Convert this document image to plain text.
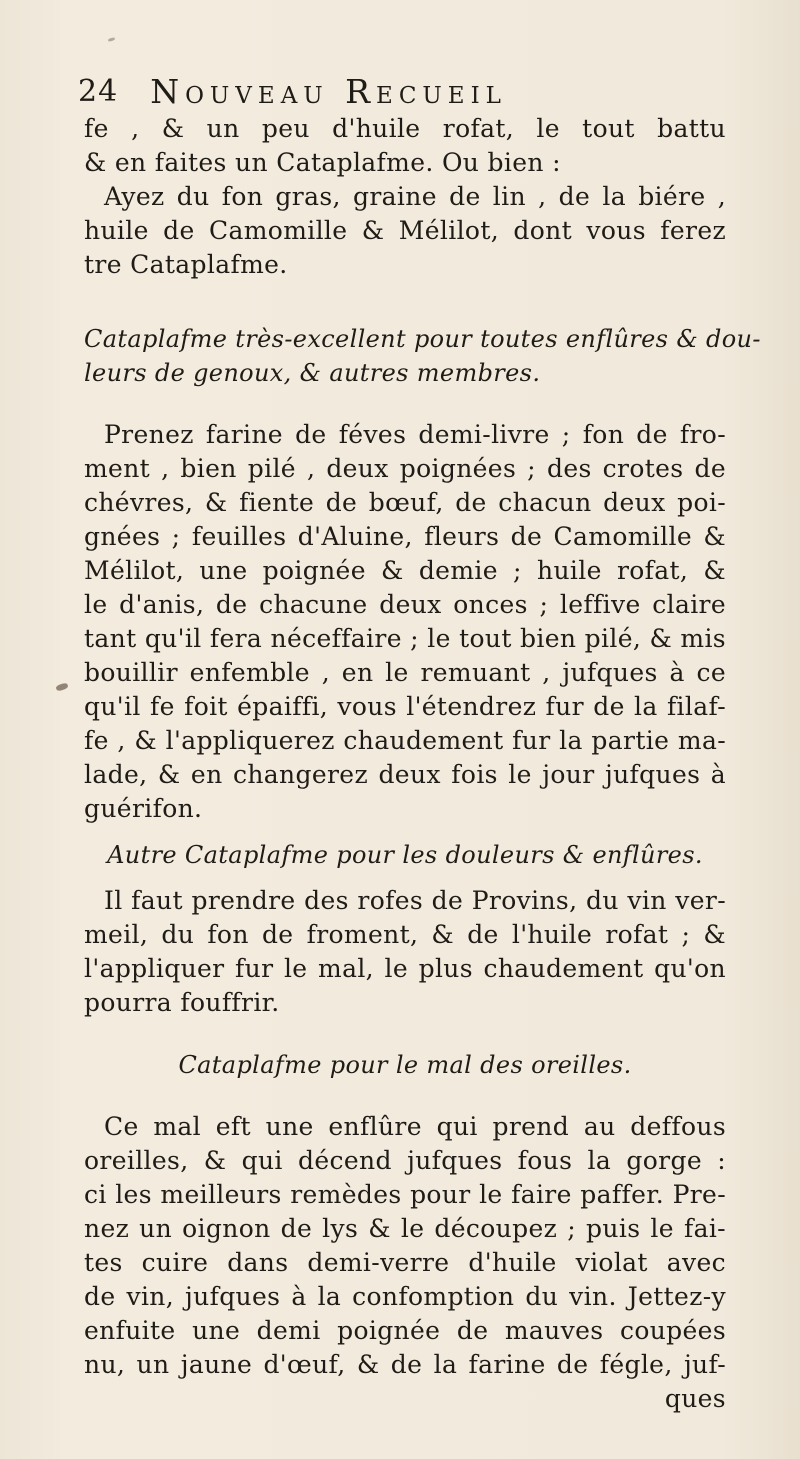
24 Nouveau Recueil
fe , & un peu d'huile rofat, le tout battu
& en faites un Cataplafme. Ou bien :
Ayez du fon gras, graine de lin , de la biére ,
huile de Camomille & Mélilot, dont vous ferez
tre Cataplafme.
Cataplafme très-excellent pour toutes enflûres & dou-
leurs de genoux, & autres membres.
Prenez farine de féves demi-livre ; fon de fro-
ment , bien pilé , deux poignées ; des crotes de
chévres, & fiente de bœuf, de chacun deux poi-
gnées ; feuilles d'Aluine, fleurs de Camomille &
Mélilot, une poignée & demie ; huile rofat, &
le d'anis, de chacune deux onces ; leffive claire
tant qu'il fera néceffaire ; le tout bien pilé, & mis
bouillir enfemble , en le remuant , jufques à ce
qu'il fe foit épaiffi, vous l'étendrez fur de la filaf-
fe , & l'appliquerez chaudement fur la partie ma-
lade, & en changerez deux fois le jour jufques à
guérifon.
Autre Cataplafme pour les douleurs & enflûres.
Il faut prendre des rofes de Provins, du vin ver-
meil, du fon de froment, & de l'huile rofat ; &
l'appliquer fur le mal, le plus chaudement qu'on
pourra fouffrir.
Cataplafme pour le mal des oreilles.
Ce mal eft une enflûre qui prend au deffous
oreilles, & qui décend jufques fous la gorge :
ci les meilleurs remèdes pour le faire paffer. Pre-
nez un oignon de lys & le découpez ; puis le fai-
tes cuire dans demi-verre d'huile violat avec
de vin, jufques à la confomption du vin. Jettez-y
enfuite une demi poignée de mauves coupées
nu, un jaune d'œuf, & de la farine de fégle, juf-
ques
